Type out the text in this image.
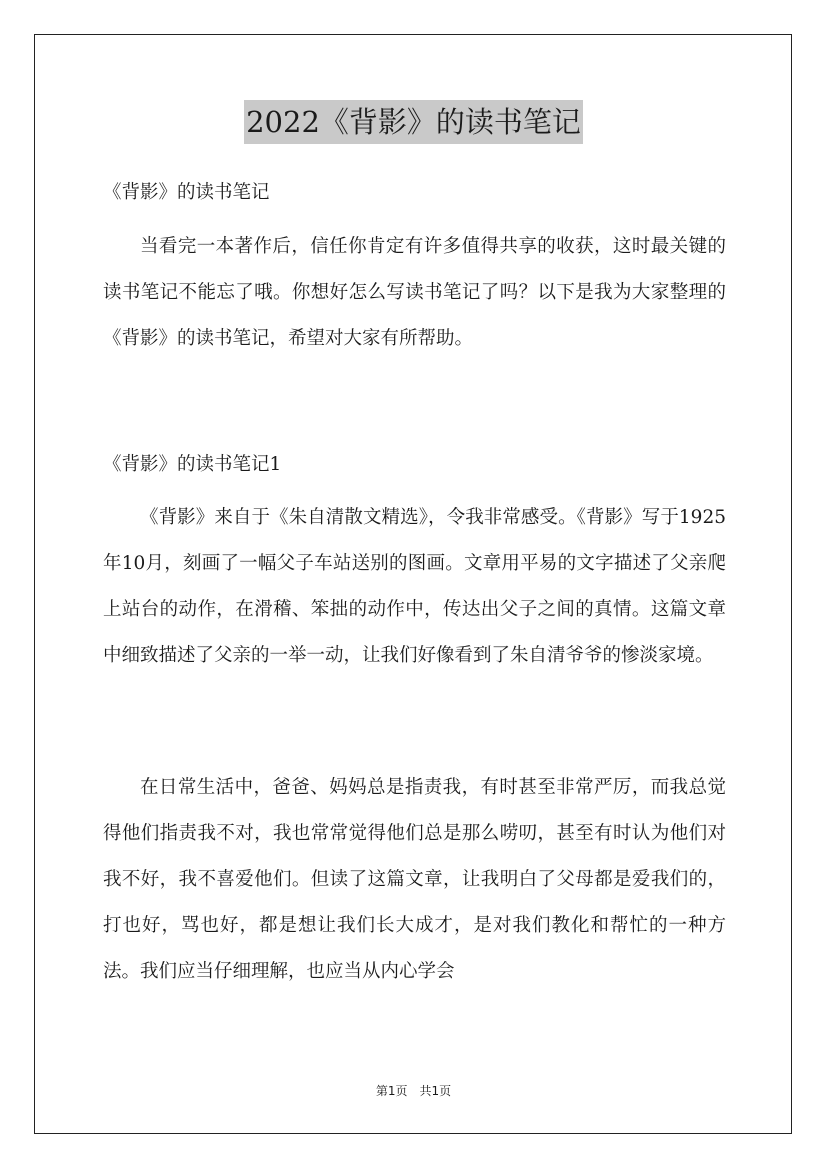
2022《背影》的读书笔记
《背影》的读书笔记
当看完一本著作后，信任你肯定有许多值得共享的收获，这时最关键的读书笔记不能忘了哦。你想好怎么写读书笔记了吗？以下是我为大家整理的《背影》的读书笔记，希望对大家有所帮助。
《背影》的读书笔记1
《背影》来自于《朱自清散文精选》，令我非常感受。《背影》写于1925年10月，刻画了一幅父子车站送别的图画。文章用平易的文字描述了父亲爬上站台的动作，在滑稽、笨拙的动作中，传达出父子之间的真情。这篇文章中细致描述了父亲的一举一动，让我们好像看到了朱自清爷爷的惨淡家境。
在日常生活中，爸爸、妈妈总是指责我，有时甚至非常严厉，而我总觉得他们指责我不对，我也常常觉得他们总是那么唠叨，甚至有时认为他们对我不好，我不喜爱他们。但读了这篇文章，让我明白了父母都是爱我们的，打也好，骂也好，都是想让我们长大成才，是对我们教化和帮忙的一种方法。我们应当仔细理解，也应当从内心学会
第1页　共1页
